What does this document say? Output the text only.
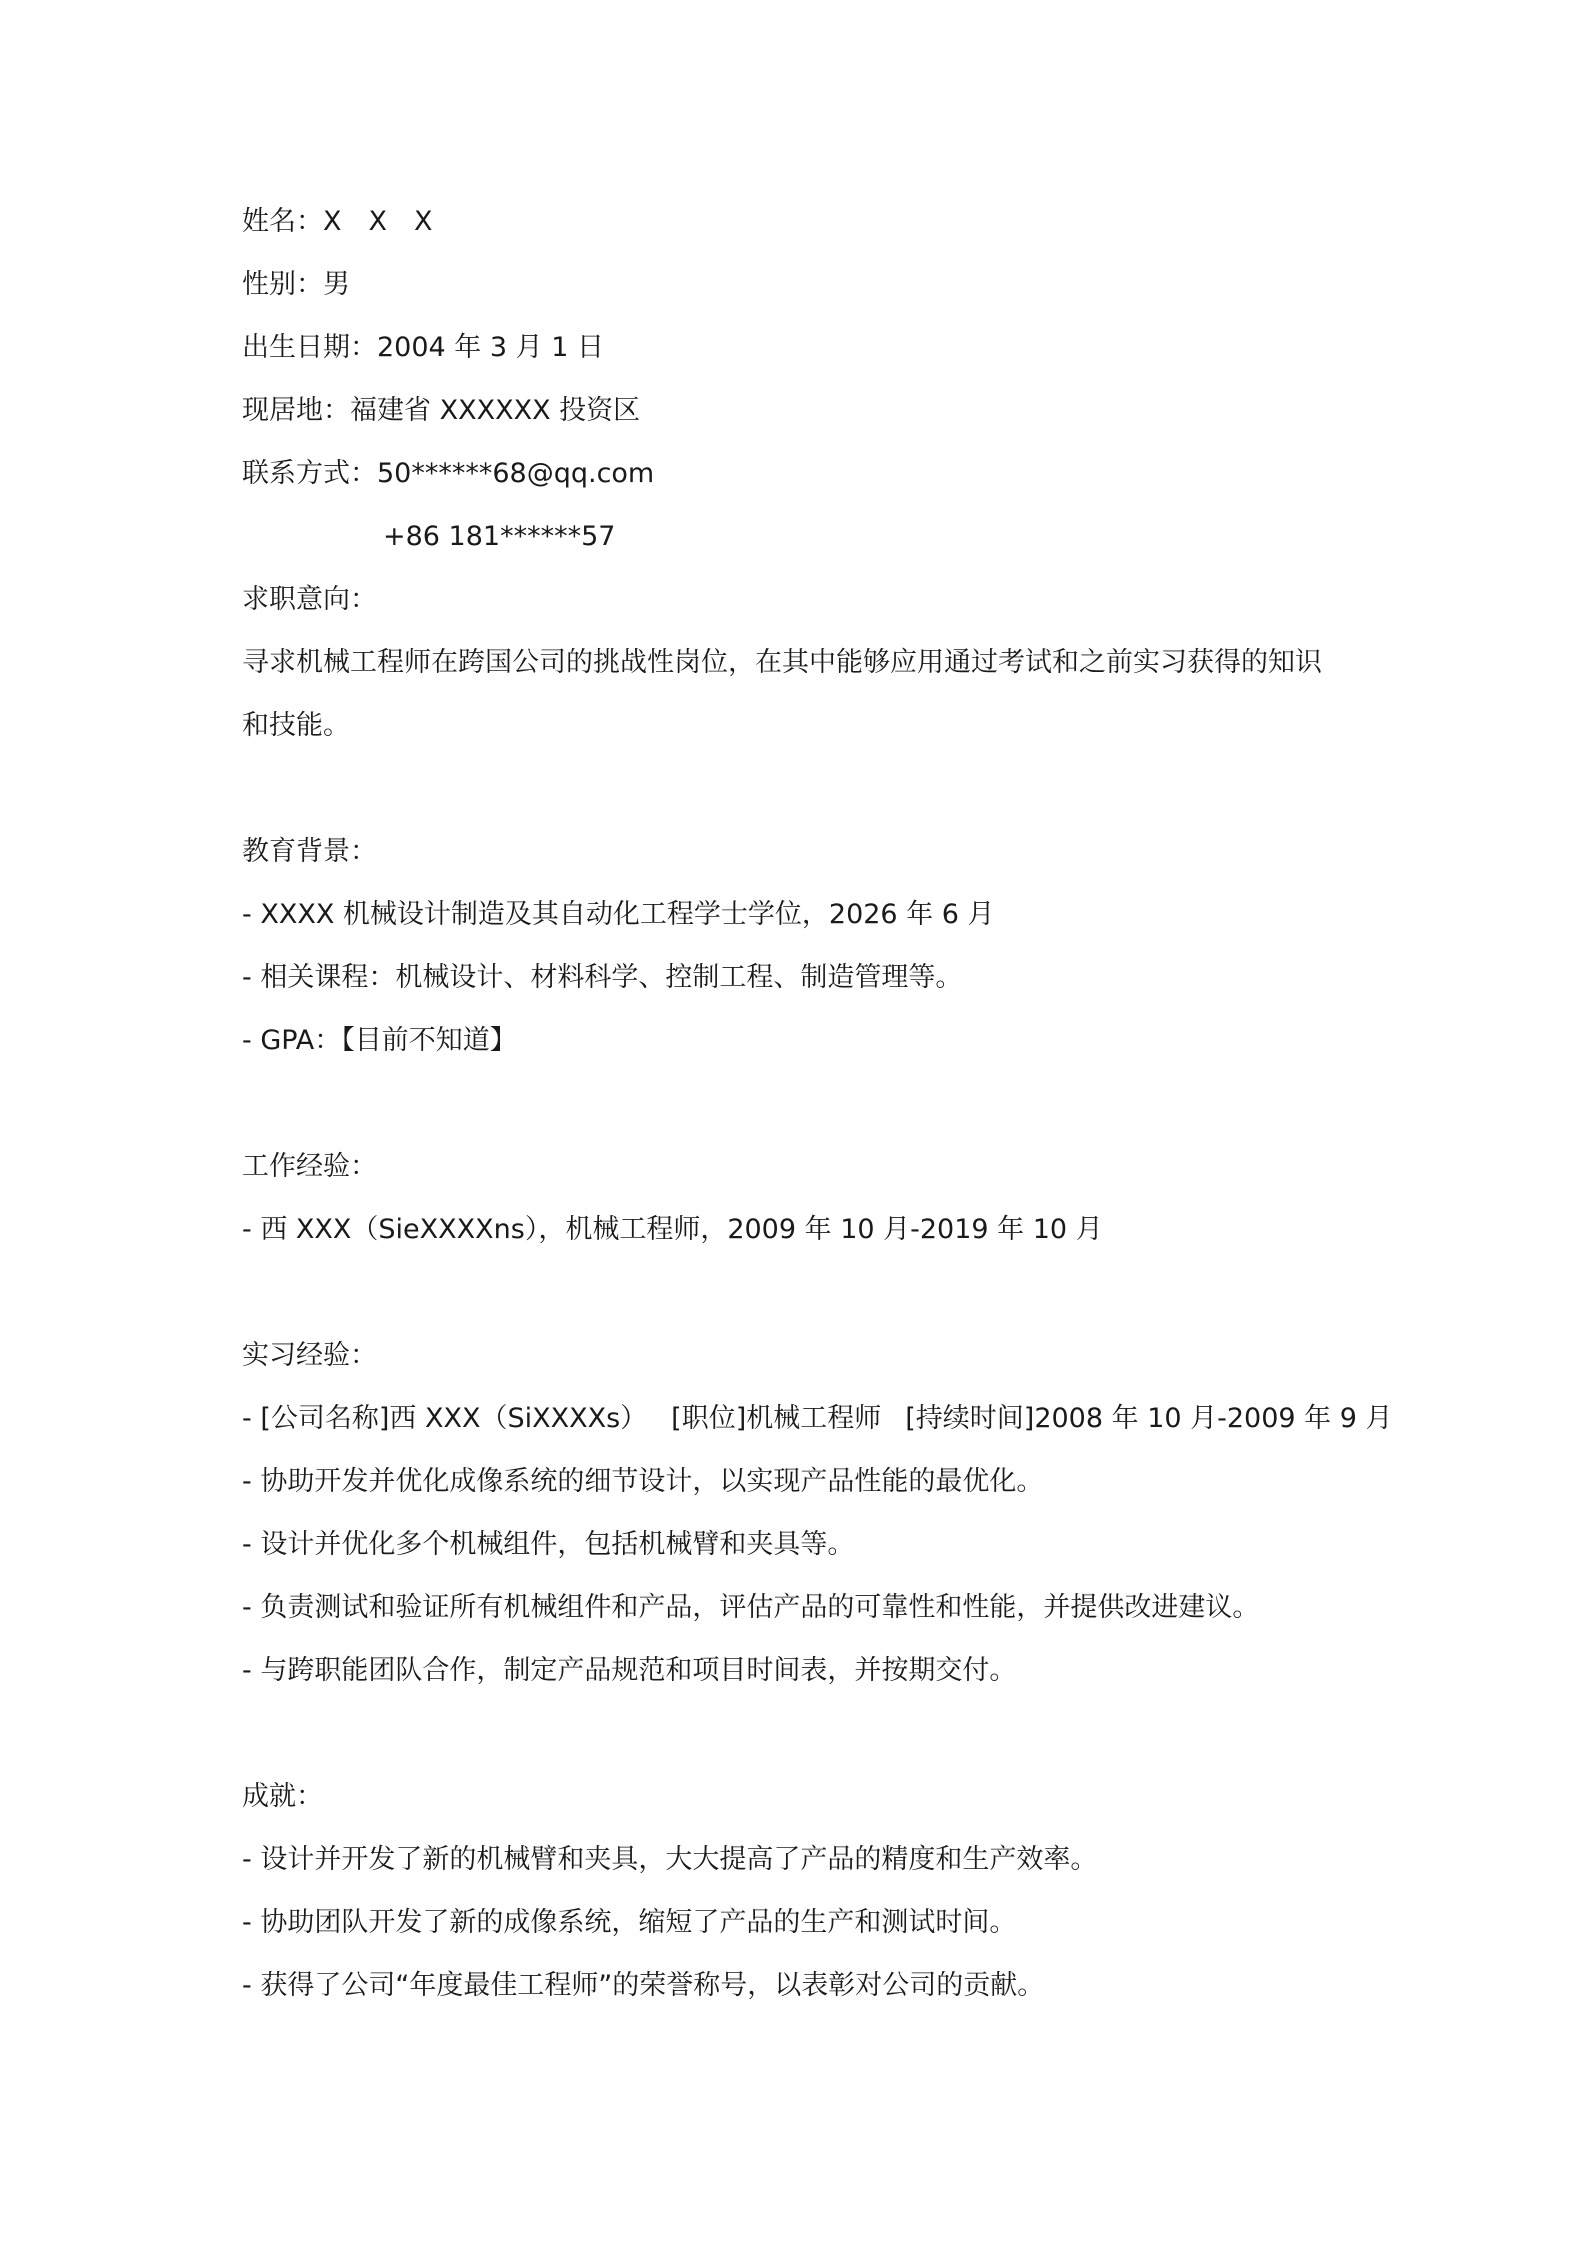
姓名：X　X　X
性别：男
出生日期：2004 年 3 月 1 日
现居地：福建省 XXXXXX 投资区
联系方式：50******68@qq.com
+86 181******57
求职意向：
寻求机械工程师在跨国公司的挑战性岗位，在其中能够应用通过考试和之前实习获得的知识
和技能。
教育背景：
- XXXX 机械设计制造及其自动化工程学士学位，2026 年 6 月
- 相关课程：机械设计、材料科学、控制工程、制造管理等。
- GPA：【目前不知道】
工作经验：
- 西 XXX（SieXXXXns），机械工程师，2009 年 10 月-2019 年 10 月
实习经验：
- [公司名称]西 XXX（SiXXXXs） [职位]机械工程师 [持续时间]2008 年 10 月-2009 年 9 月
- 协助开发并优化成像系统的细节设计，以实现产品性能的最优化。
- 设计并优化多个机械组件，包括机械臂和夹具等。
- 负责测试和验证所有机械组件和产品，评估产品的可靠性和性能，并提供改进建议。
- 与跨职能团队合作，制定产品规范和项目时间表，并按期交付。
成就：
- 设计并开发了新的机械臂和夹具，大大提高了产品的精度和生产效率。
- 协助团队开发了新的成像系统，缩短了产品的生产和测试时间。
- 获得了公司“年度最佳工程师”的荣誉称号，以表彰对公司的贡献。
